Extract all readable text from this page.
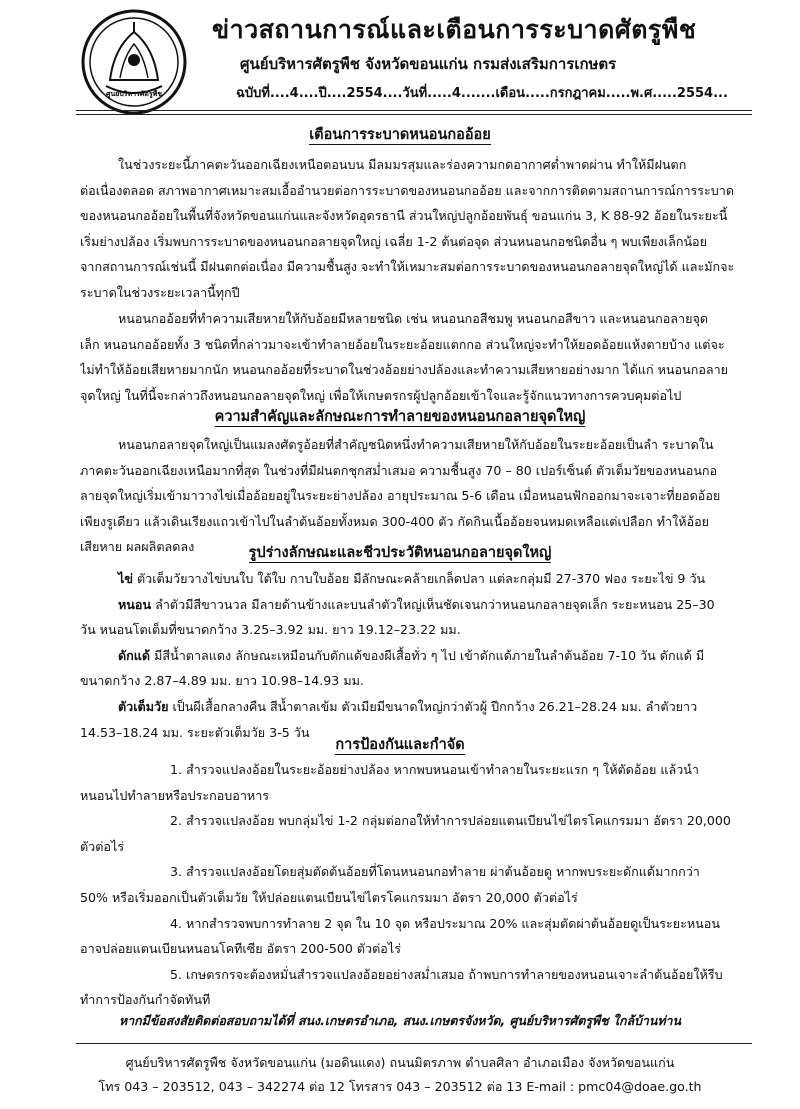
ศูนย์บริหารศัตรูพืช
ข่าวสถานการณ์และเตือนการระบาดศัตรูพืช
ศูนย์บริหารศัตรูพืช จังหวัดขอนแก่น กรมส่งเสริมการเกษตร
ฉบับที่....4....ปี....2554....วันที่.....4.......เดือน.....กรกฎาคม.....พ.ศ.....2554...
เตือนการระบาดหนอนกออ้อย
ในช่วงระยะนี้ภาคตะวันออกเฉียงเหนือตอนบน มีลมมรสุมและร่องความกดอากาศต่ำพาดผ่าน ทำให้มีฝนตก
ต่อเนื่องตลอด สภาพอากาศเหมาะสมเอื้ออำนวยต่อการระบาดของหนอนกออ้อย และจากการติดตามสถานการณ์การระบาด
ของหนอนกออ้อยในพื้นที่จังหวัดขอนแก่นและจังหวัดอุดรธานี ส่วนใหญ่ปลูกอ้อยพันธุ์ ขอนแก่น 3, K 88-92 อ้อยในระยะนี้
เริ่มย่างปล้อง เริ่มพบการระบาดของหนอนกอลายจุดใหญ่ เฉลี่ย 1-2 ต้นต่อจุด ส่วนหนอนกอชนิดอื่น ๆ พบเพียงเล็กน้อย
จากสถานการณ์เช่นนี้ มีฝนตกต่อเนื่อง มีความชื้นสูง จะทำให้เหมาะสมต่อการระบาดของหนอนกอลายจุดใหญ่ได้ และมักจะ
ระบาดในช่วงระยะเวลานี้ทุกปี
หนอนกออ้อยที่ทำความเสียหายให้กับอ้อยมีหลายชนิด เช่น หนอนกอสีชมพู หนอนกอสีขาว และหนอนกอลายจุด
เล็ก หนอนกออ้อยทั้ง 3 ชนิดที่กล่าวมาจะเข้าทำลายอ้อยในระยะอ้อยแตกกอ ส่วนใหญ่จะทำให้ยอดอ้อยแห้งตายบ้าง แต่จะ
ไม่ทำให้อ้อยเสียหายมากนัก หนอนกออ้อยที่ระบาดในช่วงอ้อยย่างปล้องและทำความเสียหายอย่างมาก ได้แก่ หนอนกอลาย
จุดใหญ่ ในที่นี้จะกล่าวถึงหนอนกอลายจุดใหญ่ เพื่อให้เกษตรกรผู้ปลูกอ้อยเข้าใจและรู้จักแนวทางการควบคุมต่อไป
ความสำคัญและลักษณะการทำลายของหนอนกอลายจุดใหญ่
หนอนกอลายจุดใหญ่เป็นแมลงศัตรูอ้อยที่สำคัญชนิดหนึ่งทำความเสียหายให้กับอ้อยในระยะอ้อยเป็นลำ ระบาดใน
ภาคตะวันออกเฉียงเหนือมากที่สุด ในช่วงที่มีฝนตกชุกสม่ำเสมอ ความชื้นสูง 70 – 80 เปอร์เซ็นต์ ตัวเต็มวัยของหนอนกอ
ลายจุดใหญ่เริ่มเข้ามาวางไข่เมื่ออ้อยอยู่ในระยะย่างปล้อง อายุประมาณ 5-6 เดือน เมื่อหนอนฟักออกมาจะเจาะที่ยอดอ้อย
เพียงรูเดียว แล้วเดินเรียงแถวเข้าไปในลำต้นอ้อยทั้งหมด 300-400 ตัว กัดกินเนื้ออ้อยจนหมดเหลือแต่เปลือก ทำให้อ้อย
เสียหาย ผลผลิตลดลง	รูปร่างลักษณะและชีวประวัติหนอนกอลายจุดใหญ่
ไข่ ตัวเต็มวัยวางไข่บนใบ ใต้ใบ กาบใบอ้อย มีลักษณะคล้ายเกล็ดปลา แต่ละกลุ่มมี 27-370 ฟอง ระยะไข่ 9 วัน
หนอน ลำตัวมีสีขาวนวล มีลายด้านข้างและบนลำตัวใหญ่เห็นชัดเจนกว่าหนอนกอลายจุดเล็ก ระยะหนอน 25–30
วัน หนอนโตเต็มที่ขนาดกว้าง 3.25–3.92 มม. ยาว 19.12–23.22 มม.
ดักแด้ มีสีน้ำตาลแดง ลักษณะเหมือนกับดักแด้ของผีเสื้อทั่ว ๆ ไป เข้าดักแด้ภายในลำต้นอ้อย 7-10 วัน ดักแด้ มี
ขนาดกว้าง 2.87–4.89 มม. ยาว 10.98–14.93 มม.
ตัวเต็มวัย เป็นผีเสื้อกลางคืน สีน้ำตาลเข้ม ตัวเมียมีขนาดใหญ่กว่าตัวผู้ ปีกกว้าง 26.21–28.24 มม. ลำตัวยาว
14.53–18.24 มม. ระยะตัวเต็มวัย 3-5 วัน
การป้องกันและกำจัด
1. สำรวจแปลงอ้อยในระยะอ้อยย่างปล้อง หากพบหนอนเข้าทำลายในระยะแรก ๆ ให้ตัดอ้อย แล้วนำ
หนอนไปทำลายหรือประกอบอาหาร
2. สำรวจแปลงอ้อย พบกลุ่มไข่ 1-2 กลุ่มต่อกอให้ทำการปล่อยแตนเบียนไข่ไตรโคแกรมมา อัตรา 20,000
ตัวต่อไร่
3. สำรวจแปลงอ้อยโดยสุ่มตัดต้นอ้อยที่โดนหนอนกอทำลาย ผ่าต้นอ้อยดู หากพบระยะดักแด้มากกว่า
50% หรือเริ่มออกเป็นตัวเต็มวัย ให้ปล่อยแตนเบียนไข่ไตรโคแกรมมา อัตรา 20,000 ตัวต่อไร่
4. หากสำรวจพบการทำลาย 2 จุด ใน 10 จุด หรือประมาณ 20% และสุ่มตัดผ่าต้นอ้อยดูเป็นระยะหนอน
อาจปล่อยแตนเบียนหนอนโคทีเซีย อัตรา 200-500 ตัวต่อไร่
5. เกษตรกรจะต้องหมั่นสำรวจแปลงอ้อยอย่างสม่ำเสมอ ถ้าพบการทำลายของหนอนเจาะลำต้นอ้อยให้รีบ
ทำการป้องกันกำจัดทันที
หากมีข้อสงสัยติดต่อสอบถามได้ที่ สนง.เกษตรอำเภอ, สนง.เกษตรจังหวัด, ศูนย์บริหารศัตรูพืช ใกล้บ้านท่าน
ศูนย์บริหารศัตรูพืช จังหวัดขอนแก่น (มอดินแดง) ถนนมิตรภาพ ตำบลศิลา อำเภอเมือง จังหวัดขอนแก่น
โทร 043 – 203512, 043 – 342274 ต่อ 12 โทรสาร 043 – 203512 ต่อ 13 E-mail : pmc04@doae.go.th
